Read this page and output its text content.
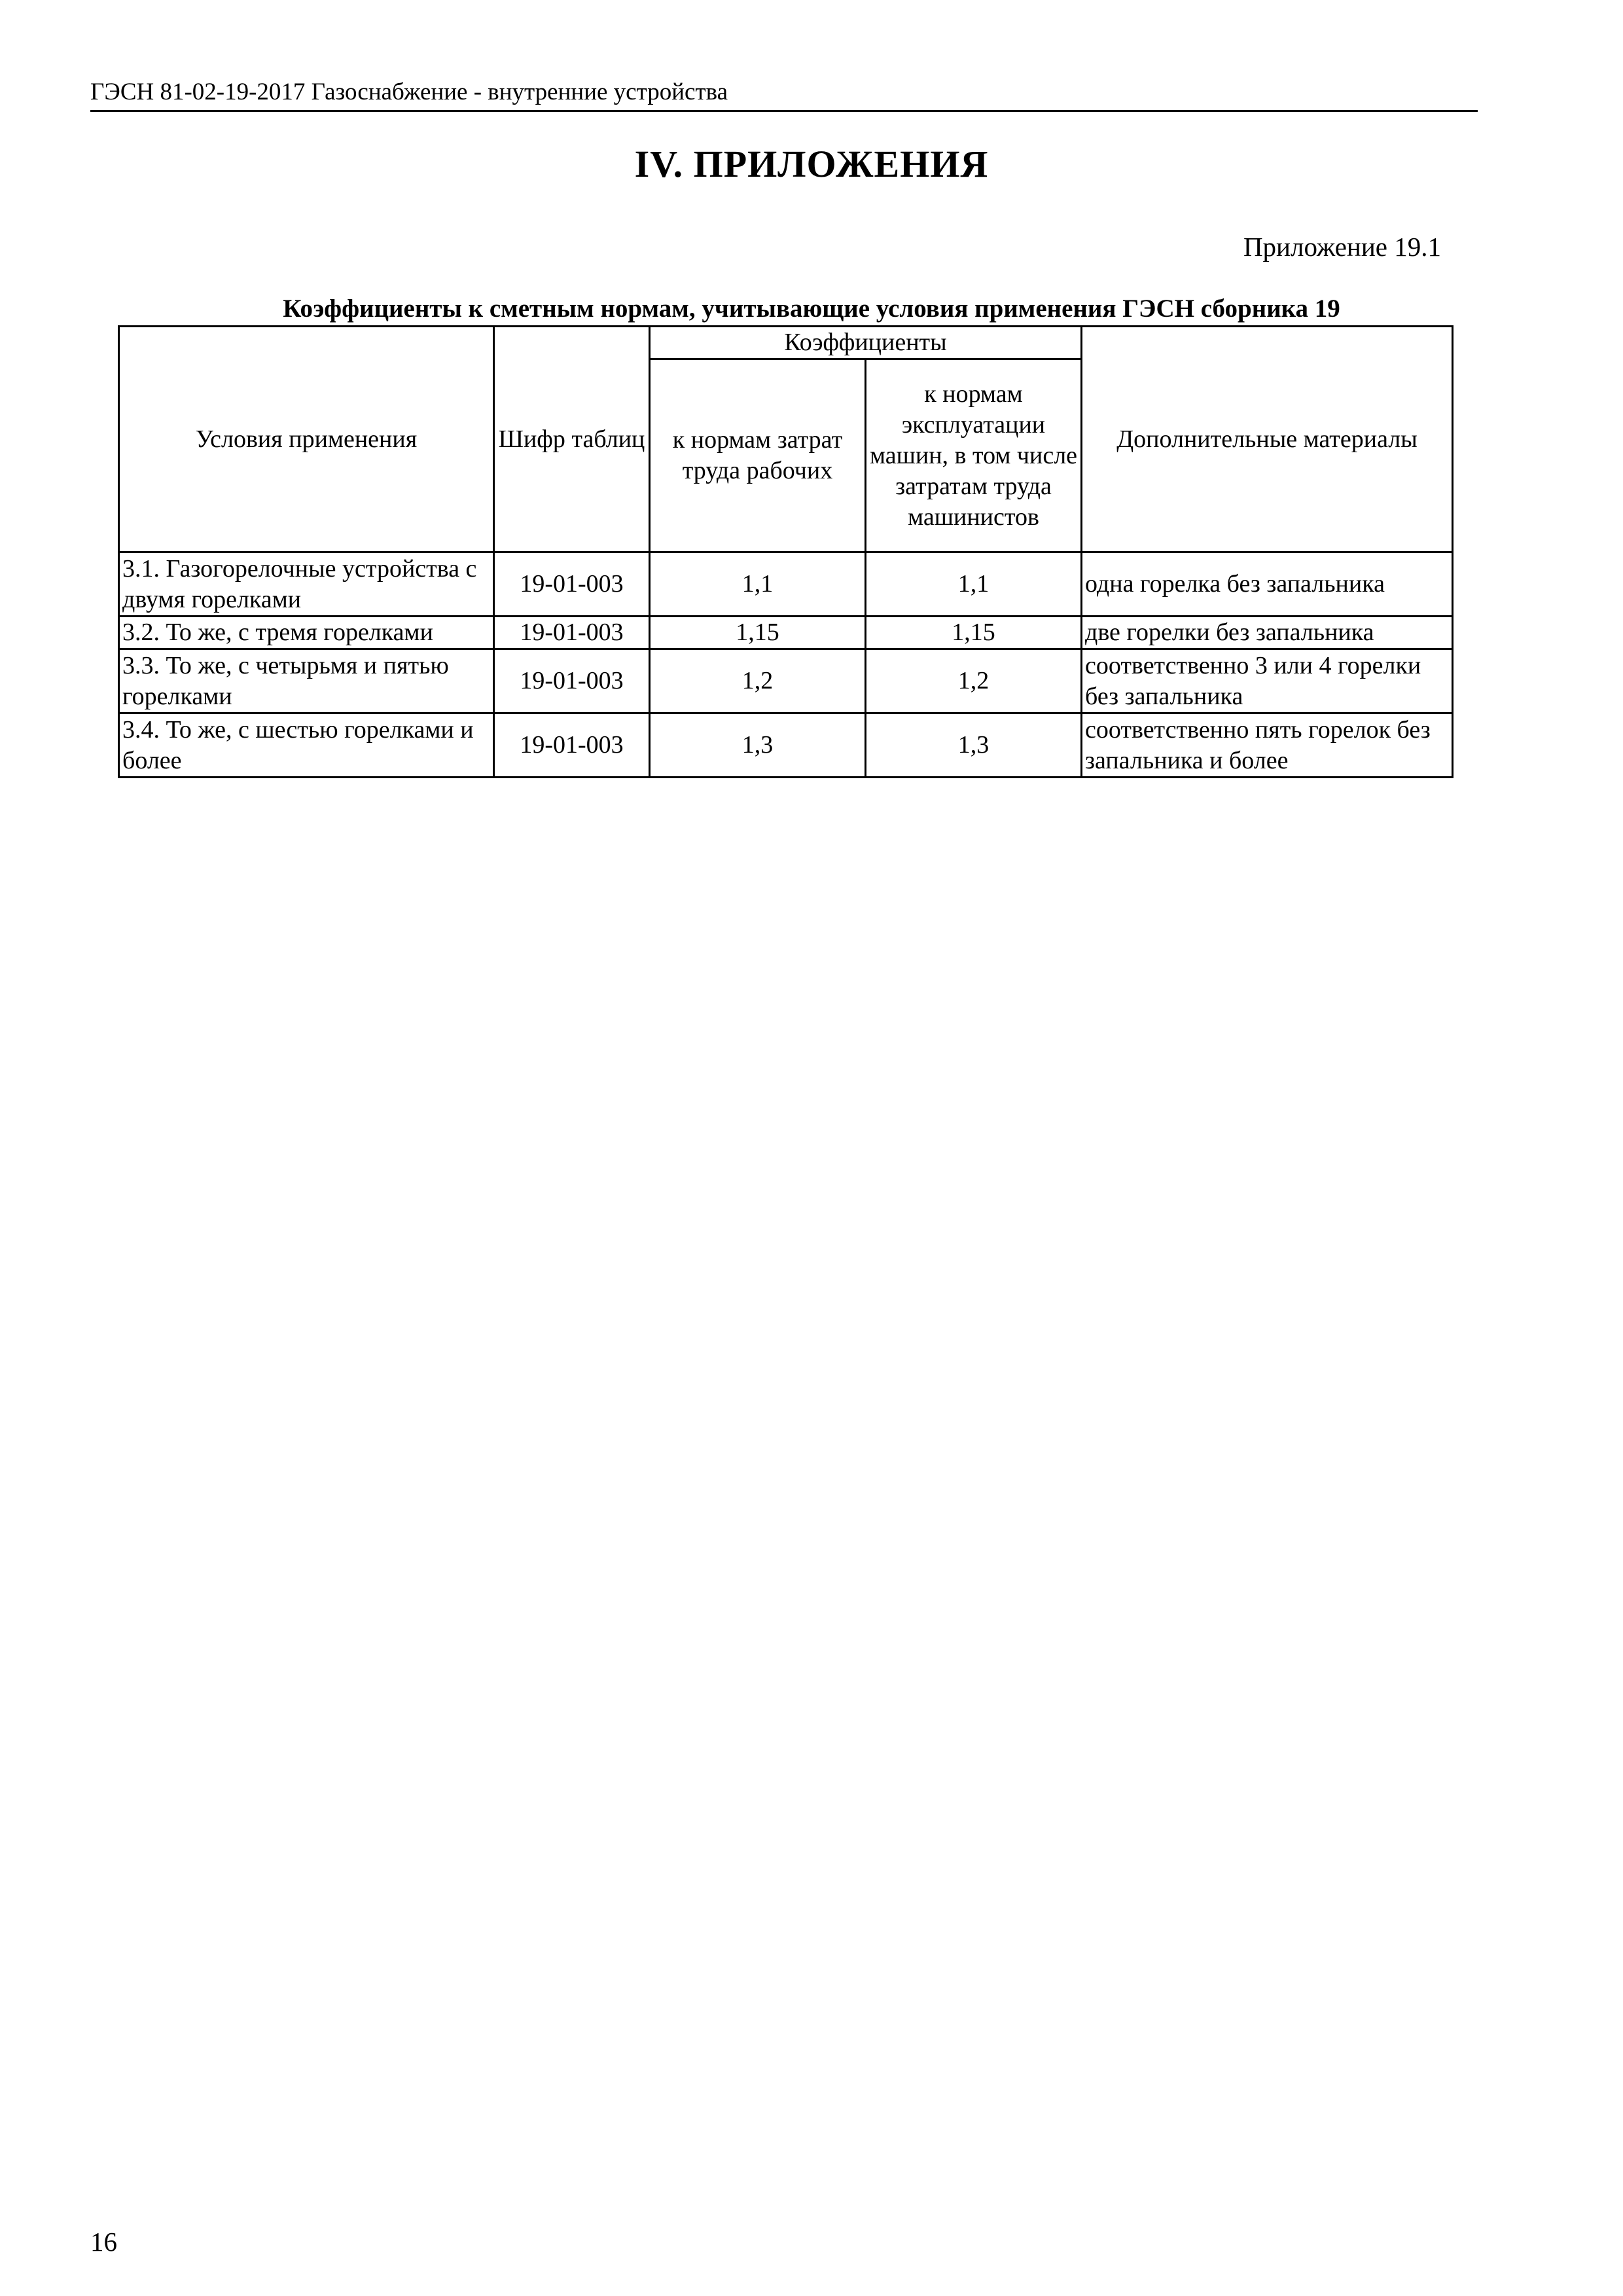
ГЭСН 81-02-19-2017 Газоснабжение - внутренние устройства
IV. ПРИЛОЖЕНИЯ
Приложение 19.1
Коэффициенты к сметным нормам, учитывающие условия применения ГЭСН сборника 19
Условия применения	Шифр таблиц	Коэффициенты		Дополнительные материалы
		к нормам затрат труда рабочих	к нормам эксплуатации машин, в том числе затратам труда машинистов	
3.1. Газогорелочные устройства с двумя горелками	19-01-003	1,1	1,1	одна горелка без запальника
3.2. То же, с тремя горелками	19-01-003	1,15	1,15	две горелки без запальника
3.3. То же, с четырьмя и пятью горелками	19-01-003	1,2	1,2	соответственно 3 или 4 горелки без запальника
3.4. То же, с шестью горелками и более	19-01-003	1,3	1,3	соответственно пять горелок без запальника и более
16
